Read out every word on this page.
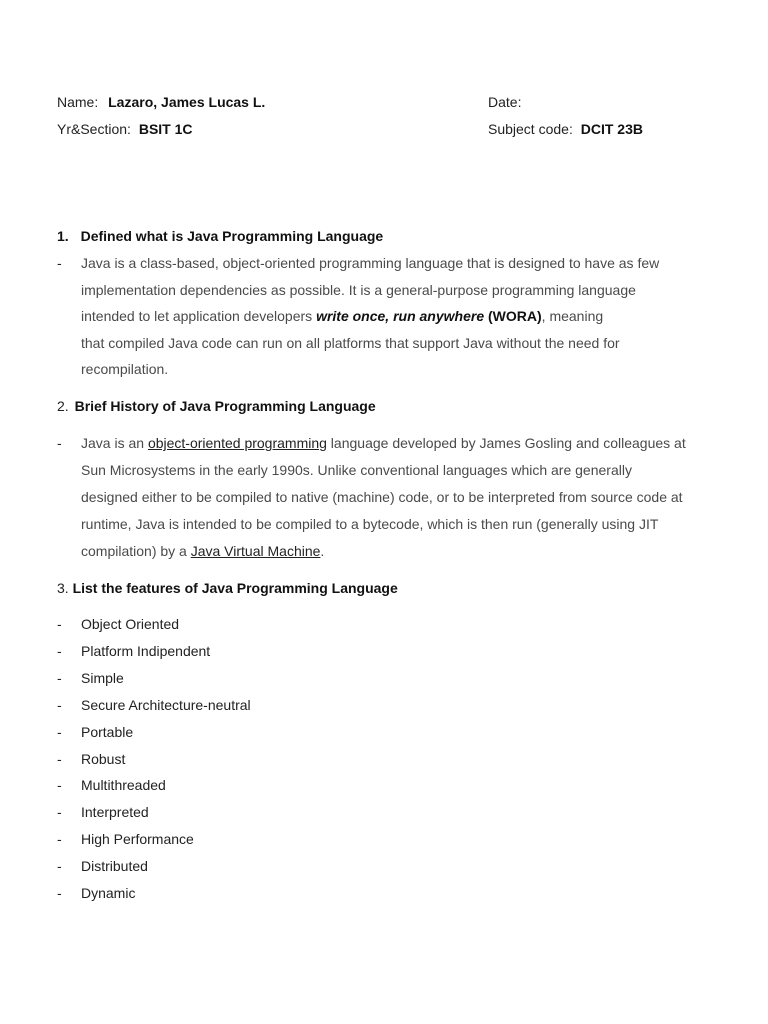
Name: Lazaro, James Lucas L.	Date:
Yr&Section: BSIT 1C	Subject code: DCIT 23B
1. Defined what is Java Programming Language
- Java is a class-based, object-oriented programming language that is designed to have as few
implementation dependencies as possible. It is a general-purpose programming language
intended to let application developers write once, run anywhere (WORA), meaning
that compiled Java code can run on all platforms that support Java without the need for
recompilation.
2. Brief History of Java Programming Language
- Java is an object-oriented programming language developed by James Gosling and colleagues at
Sun Microsystems in the early 1990s. Unlike conventional languages which are generally
designed either to be compiled to native (machine) code, or to be interpreted from source code at
runtime, Java is intended to be compiled to a bytecode, which is then run (generally using JIT
compilation) by a Java Virtual Machine.
3. List the features of Java Programming Language
- Object Oriented
- Platform Indipendent
- Simple
- Secure Architecture-neutral
- Portable
- Robust
- Multithreaded
- Interpreted
- High Performance
- Distributed
- Dynamic
